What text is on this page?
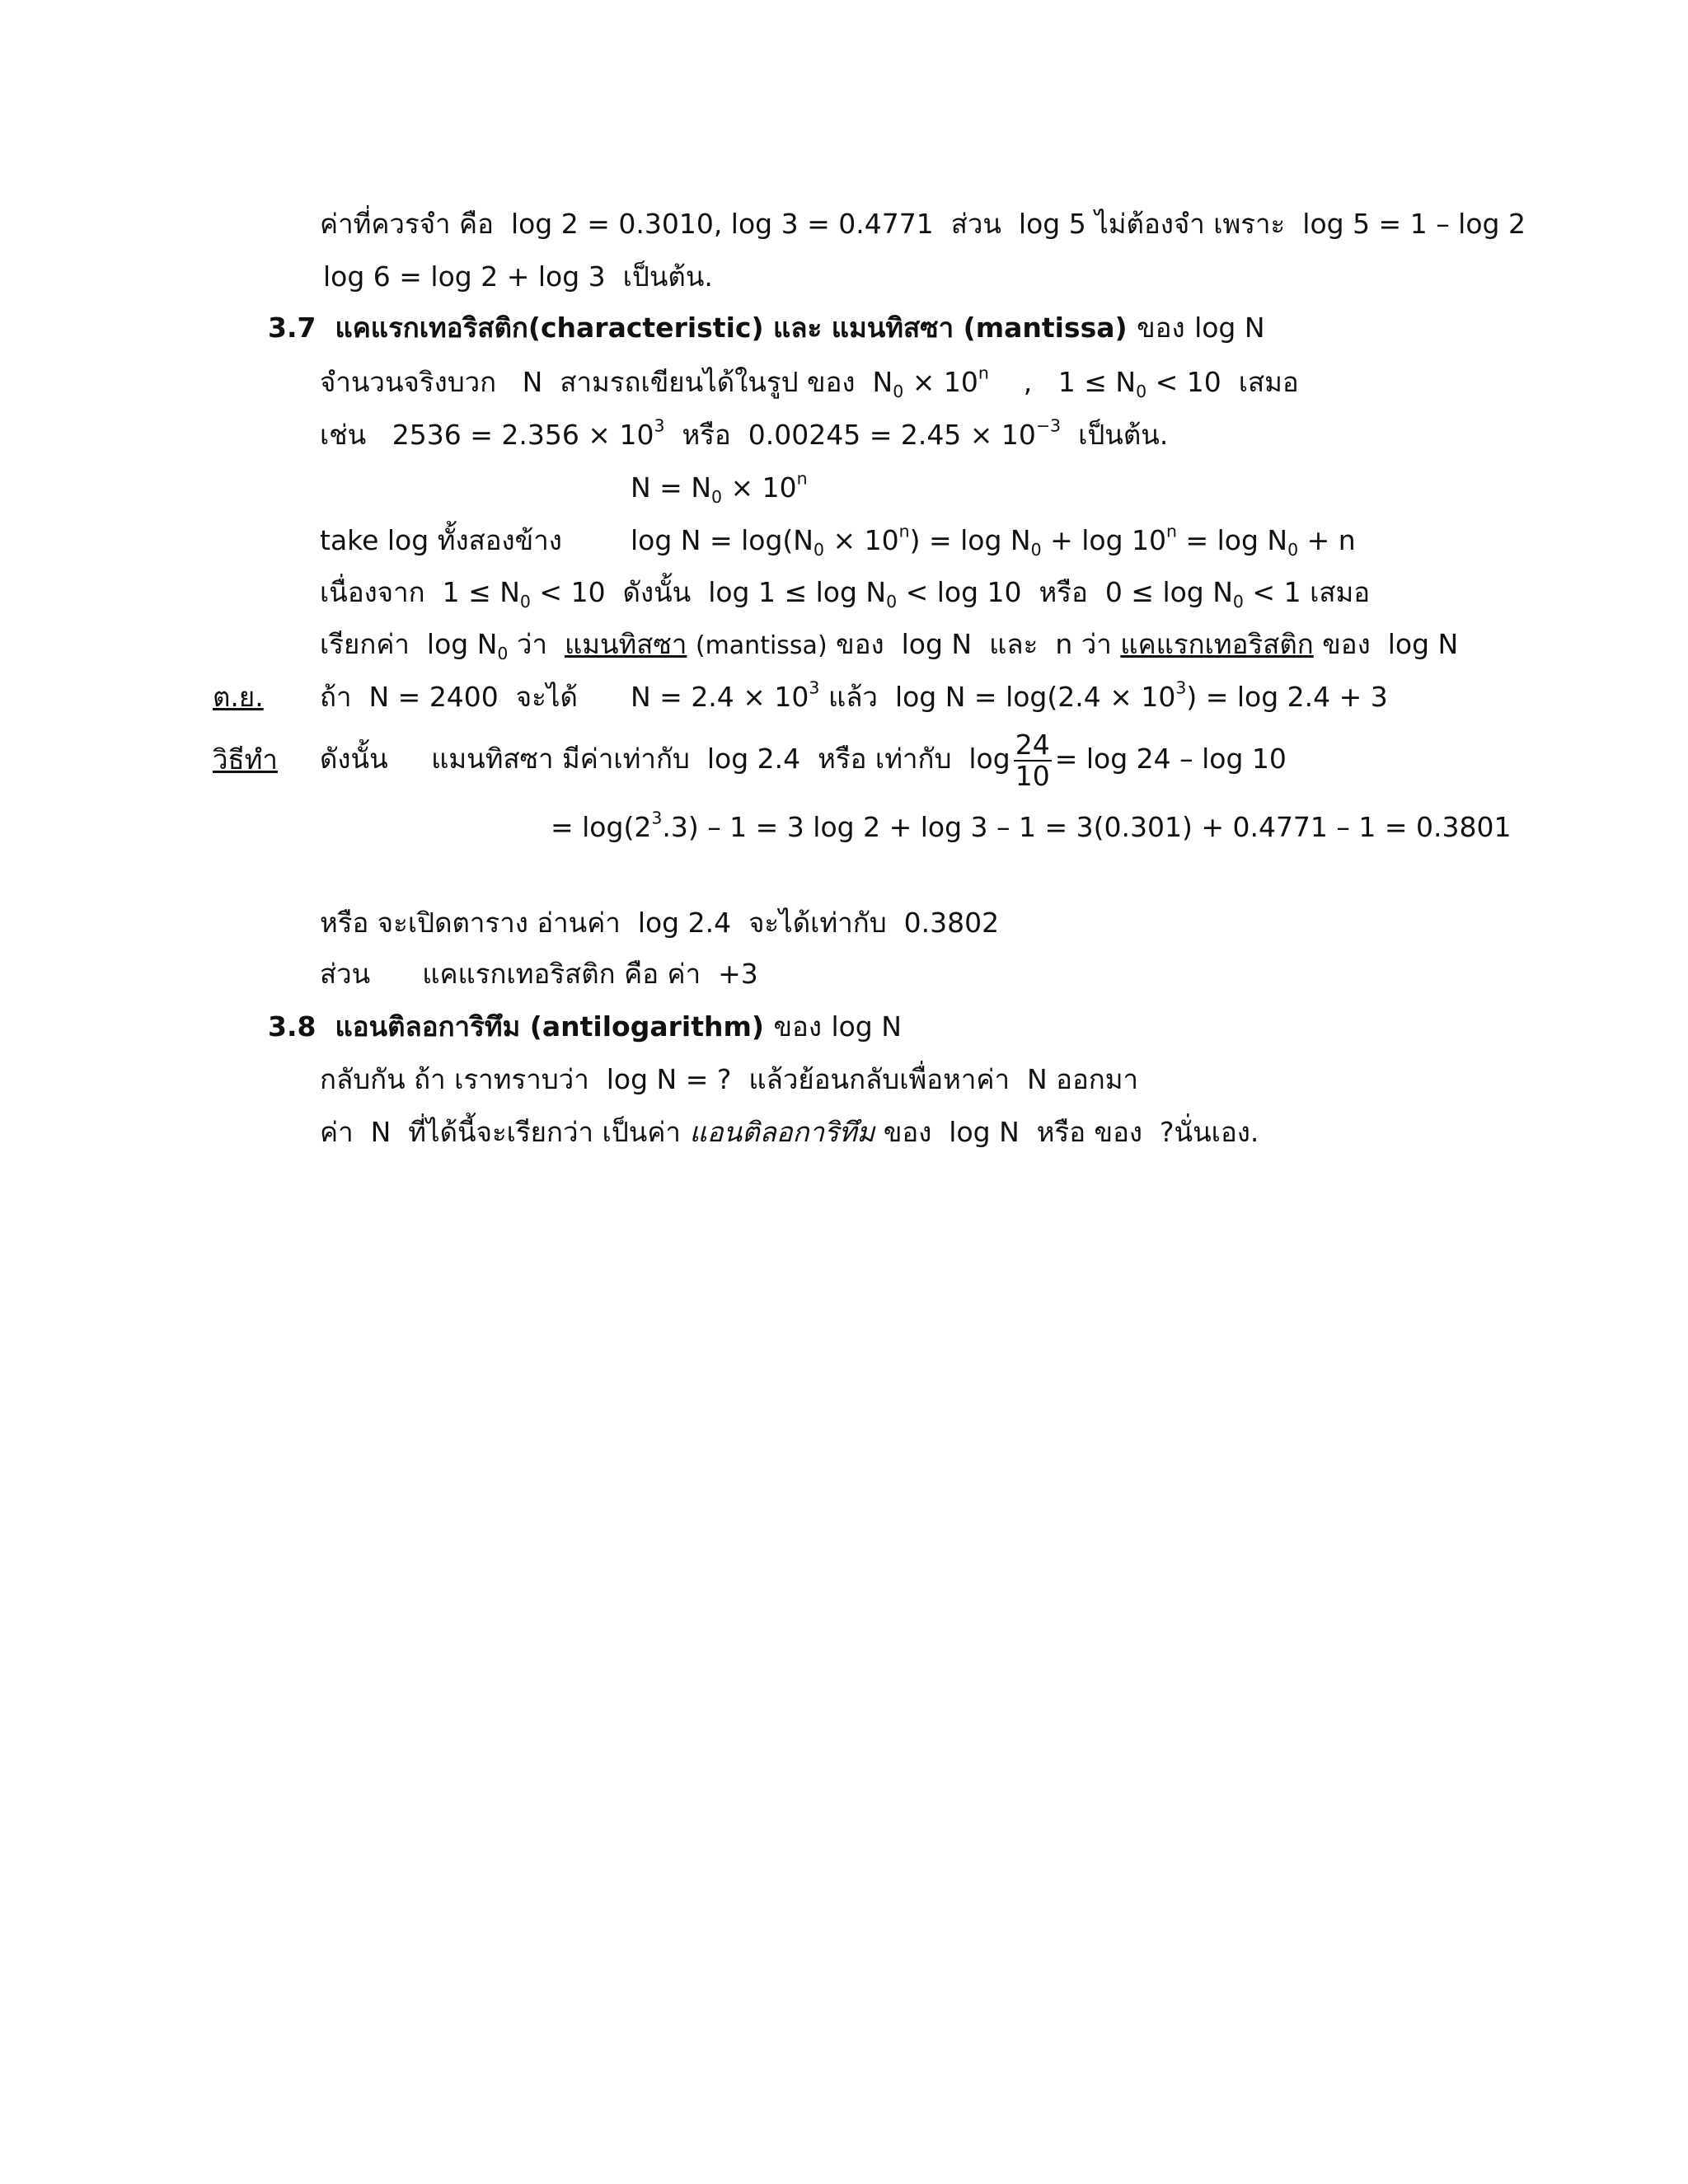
ค่าที่ควรจำ คือ log 2 = 0.3010, log 3 = 0.4771 ส่วน log 5 ไม่ต้องจำ เพราะ log 5 = 1 – log 2
log 6 = log 2 + log 3 เป็นต้น.
3.7 แคแรกเทอริสติก(characteristic) และ แมนทิสซา (mantissa) ของ log N
จำนวนจริงบวก N สามรถเขียนได้ในรูป ของ $N_0 \times 10^n$ , $1 \le N_0 < 10$ เสมอ
เช่น $2536 = 2.356 \times 10^3$ หรือ $0.00245 = 2.45 \times 10^{-3}$ เป็นต้น.
$N = N_0 \times 10^n$
take log ทั้งสองข้าง	$\log N = \log(N_0 \times 10^n) = \log N_0 + \log 10^n = \log N_0 + n$
เนื่องจาก $1 \le N_0 < 10$ ดังนั้น $\log 1 \le \log N_0 < \log 10$ หรือ $0 \le \log N_0 < 1$ เสมอ
เรียกค่า $\log N_0$ ว่า แมนทิสซา (mantissa) ของ log N และ n ว่า แคแรกเทอริสติก ของ log N
ต.ย. ถ้า N = 2400 จะได้ $N = 2.4 \times 10^3$ แล้ว $\log N = \log(2.4 \times 10^3) = \log 2.4 + 3$
วิธีทำ ดังนั้น แมนทิสซา มีค่าเท่ากับ log 2.4 หรือ เท่ากับ $\log \frac{24}{10} = \log 24 - \log 10$
= $\log(2^3.3) - 1 = 3$ log 2 + log 3 – 1 = 3(0.301) + 0.4771 – 1 = 0.3801
หรือ จะเปิดตาราง อ่านค่า log 2.4 จะได้เท่ากับ 0.3802
ส่วน แคแรกเทอริสติก คือ ค่า +3
3.8 แอนติลอการิทึม (antilogarithm) ของ log N
กลับกัน ถ้า เราทราบว่า log N = ? แล้วย้อนกลับเพื่อหาค่า N ออกมา
ค่า N ที่ได้นี้จะเรียกว่า เป็นค่า แอนติลอการิทึม ของ log N หรือ ของ ?นั่นเอง.
